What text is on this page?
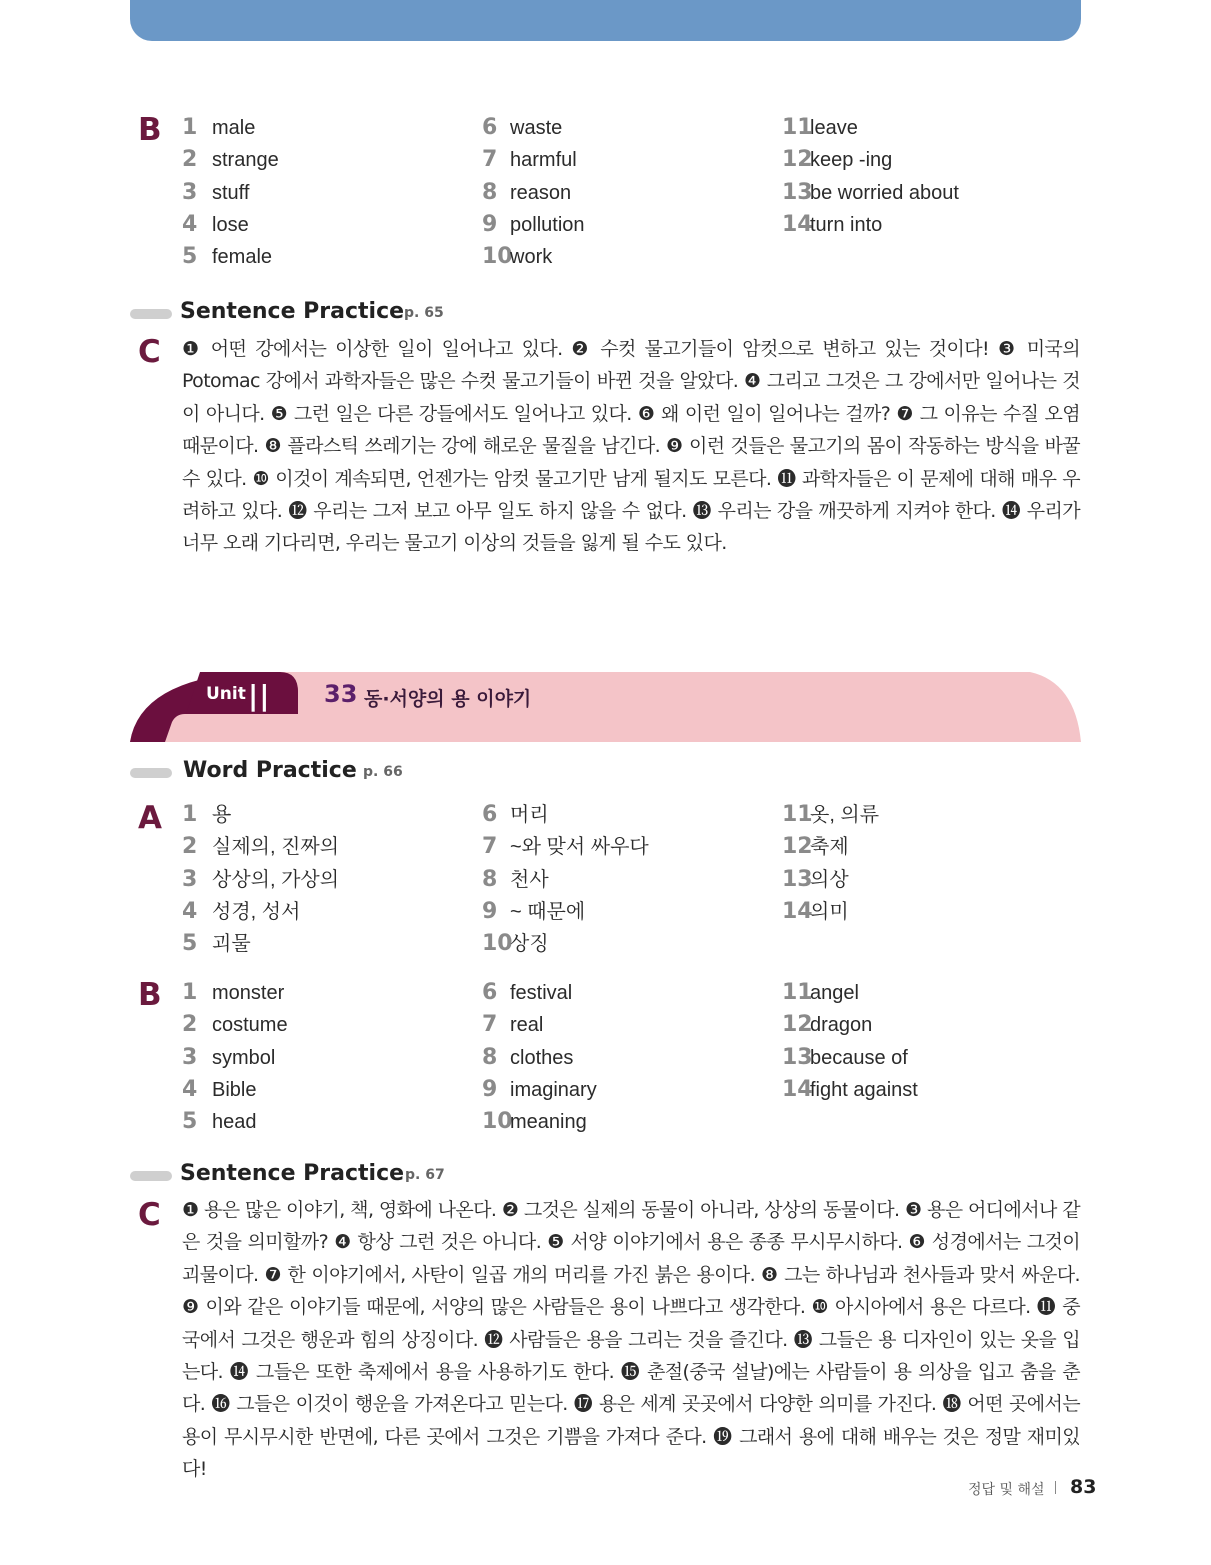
B 1 male
2 strange
3 stuff
4 lose
5 female
6 waste
7 harmful
8 reason
9 pollution
10work
11leave
12keep -ing
13be worried about
14turn into
Sentence Practice p. 65
C ❶ 어떤 강에서는 이상한 일이 일어나고 있다. ❷ 수컷 물고기들이 암컷으로 변하고 있는 것이다! ❸ 미국의 Potomac 강에서 과학자들은 많은 수컷 물고기들이 바뀐 것을 알았다. ❹ 그리고 그것은 그 강에서만 일어나는 것이 아니다. ❺ 그런 일은 다른 강들에서도 일어나고 있다. ❻ 왜 이런 일이 일어나는 걸까? ❼ 그 이유는 수질 오염 때문이다. ❽ 플라스틱 쓰레기는 강에 해로운 물질을 남긴다. ❾ 이런 것들은 물고기의 몸이 작동하는 방식을 바꿀 수 있다. ❿ 이것이 계속되면, 언젠가는 암컷 물고기만 남게 될지도 모른다. ⓫ 과학자들은 이 문제에 대해 매우 우려하고 있다. ⓬ 우리는 그저 보고 아무 일도 하지 않을 수 없다. ⓭ 우리는 강을 깨끗하게 지켜야 한다. ⓮ 우리가 너무 오래 기다리면, 우리는 물고기 이상의 것들을 잃게 될 수도 있다.
Unit || 33 동·서양의 용 이야기
Word Practice p. 66
A 1 용
2 실제의, 진짜의
3 상상의, 가상의
4 성경, 성서
5 괴물
6 머리
7 ~와 맞서 싸우다
8 천사
9 ~ 때문에
10상징
11옷, 의류
12축제
13의상
14의미
B 1 monster
2 costume
3 symbol
4 Bible
5 head
6 festival
7 real
8 clothes
9 imaginary
10meaning
11angel
12dragon
13because of
14fight against
Sentence Practice p. 67
C ❶ 용은 많은 이야기, 책, 영화에 나온다. ❷ 그것은 실제의 동물이 아니라, 상상의 동물이다. ❸ 용은 어디에서나 같은 것을 의미할까? ❹ 항상 그런 것은 아니다. ❺ 서양 이야기에서 용은 종종 무시무시하다. ❻ 성경에서는 그것이 괴물이다. ❼ 한 이야기에서, 사탄이 일곱 개의 머리를 가진 붉은 용이다. ❽ 그는 하나님과 천사들과 맞서 싸운다. ❾ 이와 같은 이야기들 때문에, 서양의 많은 사람들은 용이 나쁘다고 생각한다. ❿ 아시아에서 용은 다르다. ⓫ 중국에서 그것은 행운과 힘의 상징이다. ⓬ 사람들은 용을 그리는 것을 즐긴다. ⓭ 그들은 용 디자인이 있는 옷을 입는다. ⓮ 그들은 또한 축제에서 용을 사용하기도 한다. ⓯ 춘절(중국 설날)에는 사람들이 용 의상을 입고 춤을 춘다. ⓰ 그들은 이것이 행운을 가져온다고 믿는다. ⓱ 용은 세계 곳곳에서 다양한 의미를 가진다. ⓲ 어떤 곳에서는 용이 무시무시한 반면에, 다른 곳에서 그것은 기쁨을 가져다 준다. ⓳ 그래서 용에 대해 배우는 것은 정말 재미있다!
정답 및 해설 83
